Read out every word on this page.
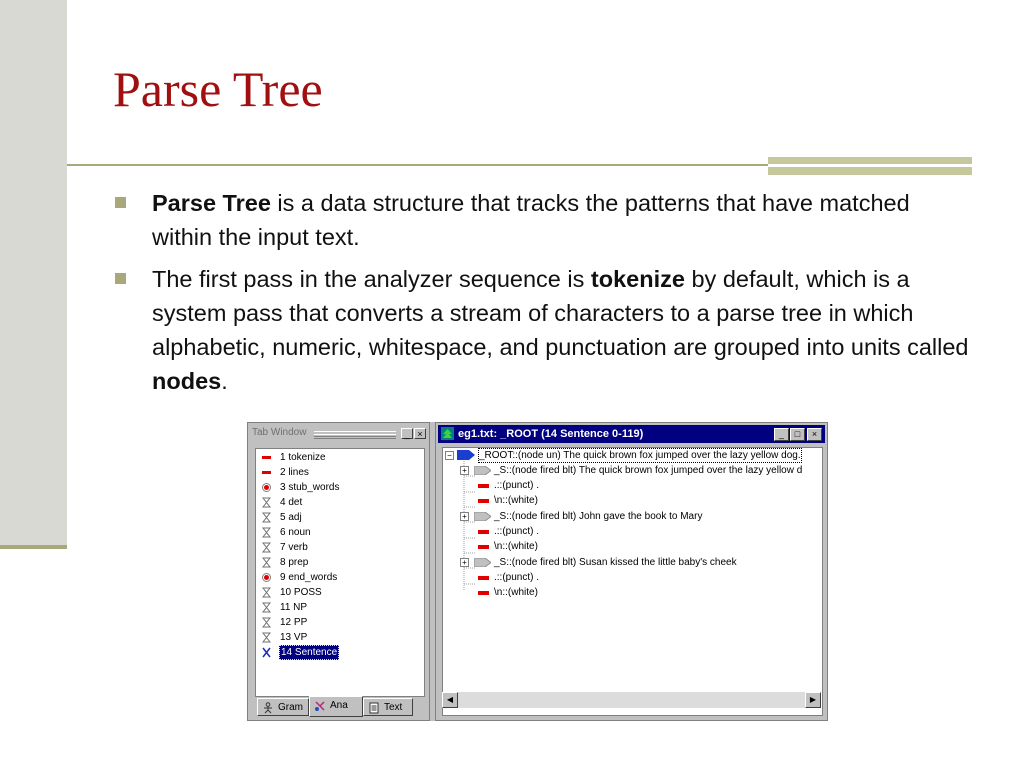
Parse Tree
Parse Tree is a data structure that tracks the patterns that have matched within the input text.
The first pass in the analyzer sequence is tokenize by default, which is a system pass that converts a stream of characters to a parse tree in which alphabetic, numeric, whitespace, and punctuation are grouped into units called nodes.
Tab Window	_ ×
1 tokenize
2 lines
3 stub_words
4 det
5 adj
6 noun
7 verb
8 prep
9 end_words
10 POSS
11 NP
12 PP
13 VP
14 Sentence
Gram	Ana	Text
eg1.txt: _ROOT (14 Sentence 0-119)	_	□	×
−	_ROOT::(node un) The quick brown fox jumped over the lazy yellow dog.
+	_S::(node fired blt) The quick brown fox jumped over the lazy yellow d
.::(punct) .
\n::(white)
+	_S::(node fired blt) John gave the book to Mary
.::(punct) .
\n::(white)
+	_S::(node fired blt) Susan kissed the little baby's cheek
.::(punct) .
\n::(white)
◀	▶
